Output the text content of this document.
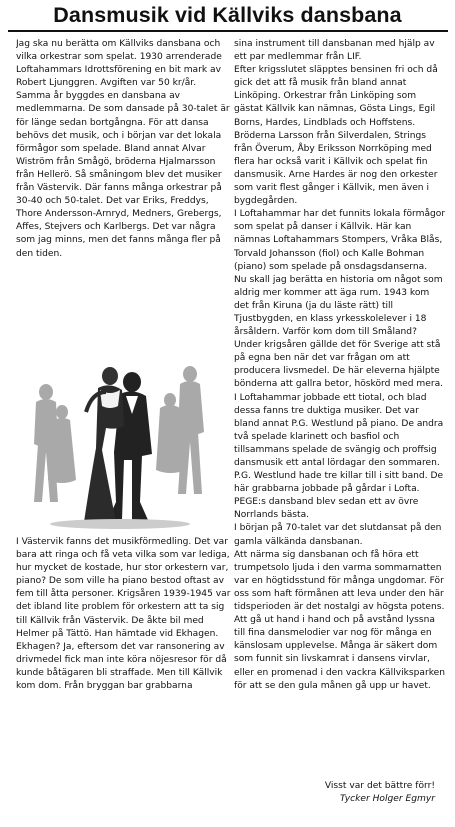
Dansmusik vid Källviks dansbana

Jag ska nu berätta om Källviks dansbana och vilka orkestrar som spelat. 1930 arrenderade Loftahammars Idrottsförening en bit mark av Robert Ljunggren. Avgiften var 50 kr/år. Samma år byggdes en dansbana av medlemmarna. De som dansade på 30-talet är för länge sedan bortgångna. För att dansa behövs det musik, och i början var det lokala förmågor som spelade. Bland annat Alvar Wiström från Smågö, bröderna Hjalmarsson från Hellerö. Så småningom blev det musiker från Västervik. Där fanns många orkestrar på 30-40 och 50-talet. Det var Eriks, Freddys, Thore Andersson-Arnryd, Medners, Grebergs, Affes, Stejvers och Karlbergs. Det var några som jag minns, men det fanns många fler på den tiden.

I Västervik fanns det musikförmedling. Det var bara att ringa och få veta vilka som var lediga, hur mycket de kostade, hur stor orkestern var, piano? De som ville ha piano bestod oftast av fem till åtta personer. Krigsåren 1939-1945 var det ibland lite problem för orkestern att ta sig till Källvik från Västervik. De åkte bil med Helmer på Tättö. Han hämtade vid Ekhagen. Ekhagen? Ja, eftersom det var ransonering av drivmedel fick man inte köra nöjesresor för då kunde båtägaren bli straffade. Men till Källvik kom dom. Från bryggan bar grabbarna

sina instrument till dansbanan med hjälp av ett par medlemmar från LIF.

Efter krigsslutet släpptes bensinen fri och då gick det att få musik från bland annat Linköping. Orkestrar från Linköping som gästat Källvik kan nämnas, Gösta Lings, Egil Borns, Hardes, Lindblads och Hoffstens. Bröderna Larsson från Silverdalen, Strings från Överum, Åby Eriksson Norrköping med flera har också varit i Källvik och spelat fin dansmusik. Arne Hardes är nog den orkester som varit flest gånger i Källvik, men även i bygdegården.

I Loftahammar har det funnits lokala förmågor som spelat på danser i Källvik. Här kan nämnas Loftahammars Stompers, Vråka Blås, Torvald Johansson (fiol) och Kalle Bohman (piano) som spelade på onsdagsdanserna.

Nu skall jag berätta en historia om något som aldrig mer kommer att äga rum. 1943 kom det från Kiruna (ja du läste rätt) till Tjustbygden, en klass yrkesskolelever i 18 årsåldern. Varför kom dom till Småland? Under krigsåren gällde det för Sverige att stå på egna ben när det var frågan om att producera livsmedel. De här eleverna hjälpte bönderna att gallra betor, höskörd med mera. I Loftahammar jobbade ett tiotal, och blad dessa fanns tre duktiga musiker. Det var bland annat P.G. Westlund på piano. De andra två spelade klarinett och basfiol och tillsammans spelade de svängig och proffsig dansmusik ett antal lördagar den sommaren. P.G. Westlund hade tre killar till i sitt band. De här grabbarna jobbade på gårdar i Lofta. PEGE:s dansband blev sedan ett av övre Norrlands bästa.

I början på 70-talet var det slutdansat på den gamla välkända dansbanan.

Att närma sig dansbanan och få höra ett trumpetsolo ljuda i den varma sommarnatten var en högtidsstund för många ungdomar. För oss som haft förmånen att leva under den här tidsperioden är det nostalgi av högsta potens. Att gå ut hand i hand och på avstånd lyssna till fina dansmelodier var nog för många en känslosam upplevelse. Många är säkert dom som funnit sin livskamrat i dansens virvlar, eller en promenad i den vackra Källviksparken för att se den gula månen gå upp ur havet.

Visst var det bättre förr!
Tycker Holger Egmyr
